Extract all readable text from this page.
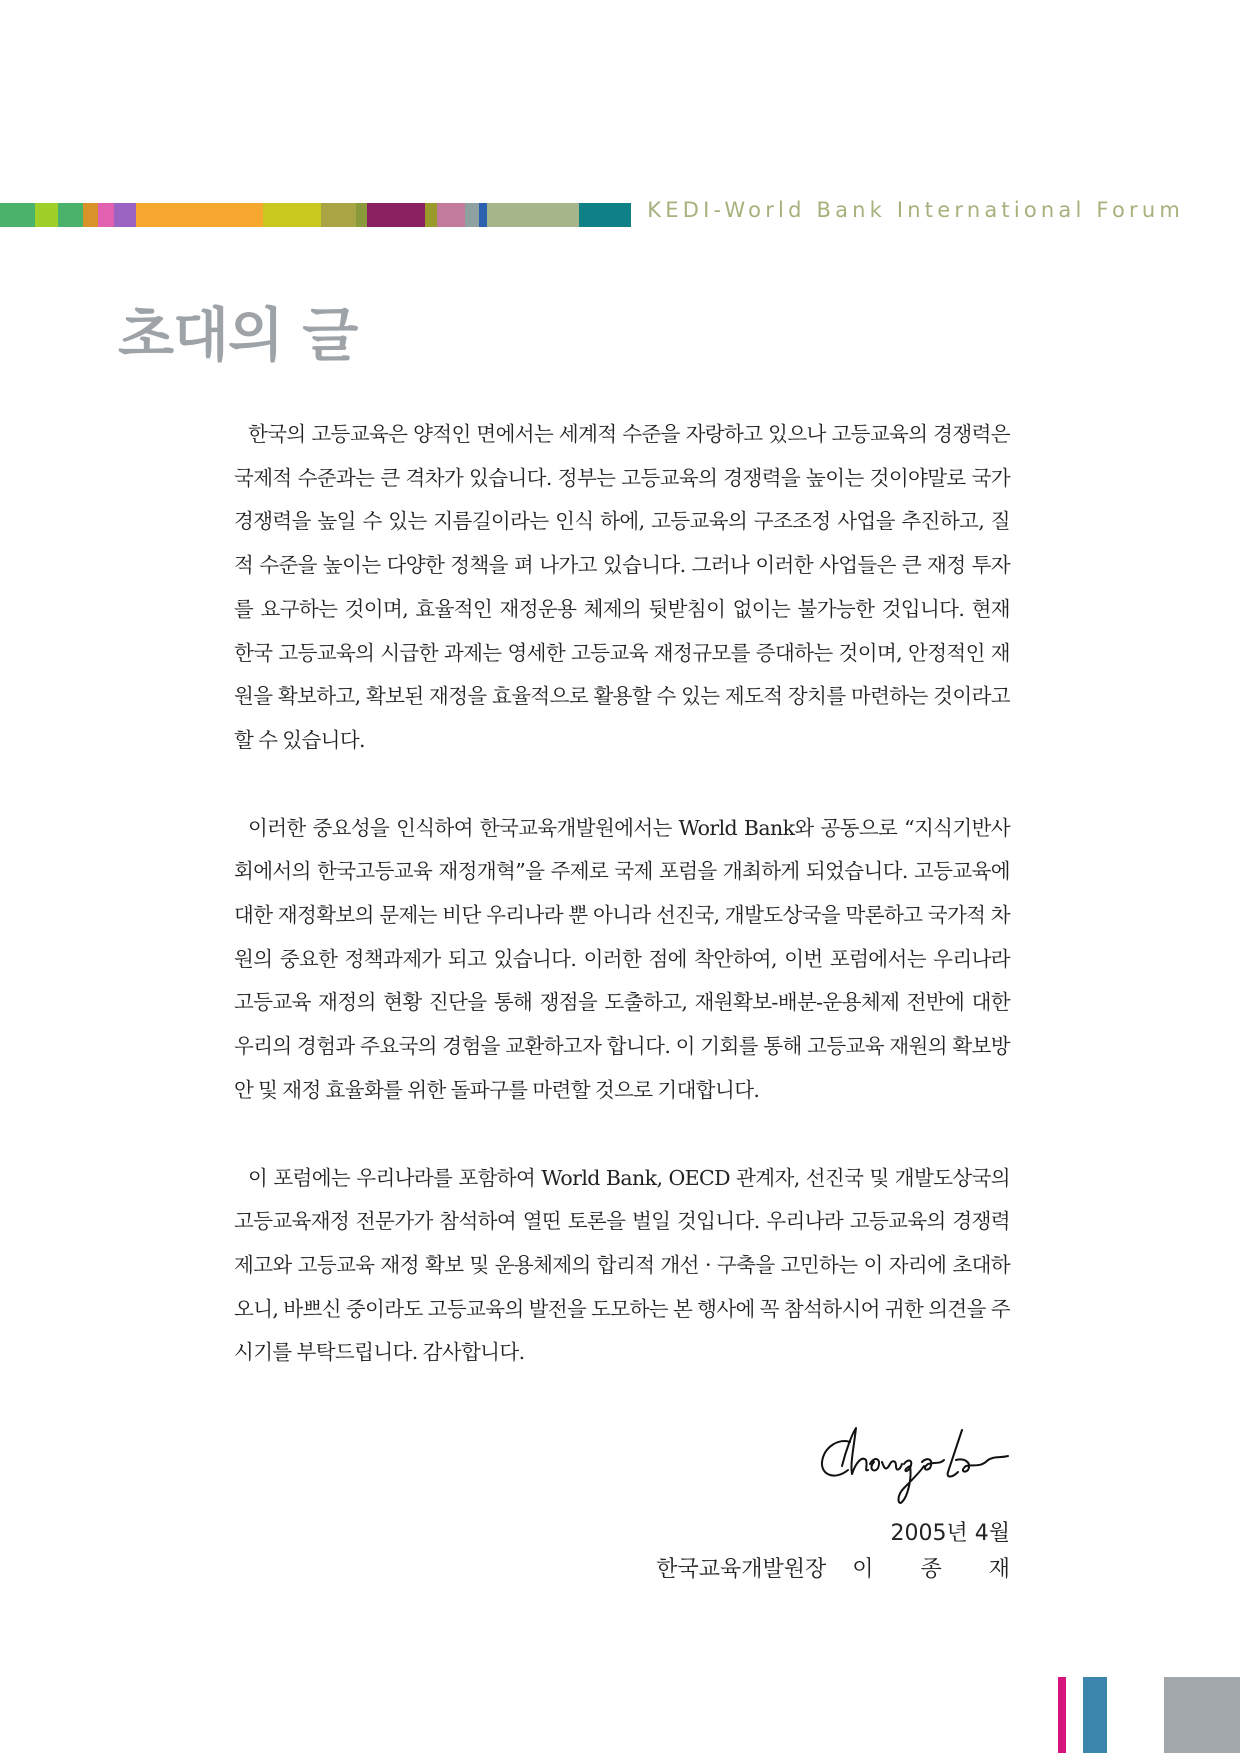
KEDI-World Bank International Forum
초대의 글

한국의 고등교육은 양적인 면에서는 세계적 수준을 자랑하고 있으나 고등교육의 경쟁력은 국제적 수준과는 큰 격차가 있습니다. 정부는 고등교육의 경쟁력을 높이는 것이야말로 국가 경쟁력을 높일 수 있는 지름길이라는 인식 하에, 고등교육의 구조조정 사업을 추진하고, 질적 수준을 높이는 다양한 정책을 펴 나가고 있습니다. 그러나 이러한 사업들은 큰 재정 투자를 요구하는 것이며, 효율적인 재정운용 체제의 뒷받침이 없이는 불가능한 것입니다. 현재 한국 고등교육의 시급한 과제는 영세한 고등교육 재정규모를 증대하는 것이며, 안정적인 재원을 확보하고, 확보된 재정을 효율적으로 활용할 수 있는 제도적 장치를 마련하는 것이라고 할 수 있습니다.

이러한 중요성을 인식하여 한국교육개발원에서는 World Bank와 공동으로 “지식기반사회에서의 한국고등교육 재정개혁”을 주제로 국제 포럼을 개최하게 되었습니다. 고등교육에 대한 재정확보의 문제는 비단 우리나라 뿐 아니라 선진국, 개발도상국을 막론하고 국가적 차원의 중요한 정책과제가 되고 있습니다. 이러한 점에 착안하여, 이번 포럼에서는 우리나라 고등교육 재정의 현황 진단을 통해 쟁점을 도출하고, 재원확보-배분-운용체제 전반에 대한 우리의 경험과 주요국의 경험을 교환하고자 합니다. 이 기회를 통해 고등교육 재원의 확보방안 및 재정 효율화를 위한 돌파구를 마련할 것으로 기대합니다.

이 포럼에는 우리나라를 포함하여 World Bank, OECD 관계자, 선진국 및 개발도상국의 고등교육재정 전문가가 참석하여 열띤 토론을 벌일 것입니다. 우리나라 고등교육의 경쟁력 제고와 고등교육 재정 확보 및 운용체제의 합리적 개선 · 구축을 고민하는 이 자리에 초대하오니, 바쁘신 중이라도 고등교육의 발전을 도모하는 본 행사에 꼭 참석하시어 귀한 의견을 주시기를 부탁드립니다. 감사합니다.

2005년 4월
한국교육개발원장 이 종 재
